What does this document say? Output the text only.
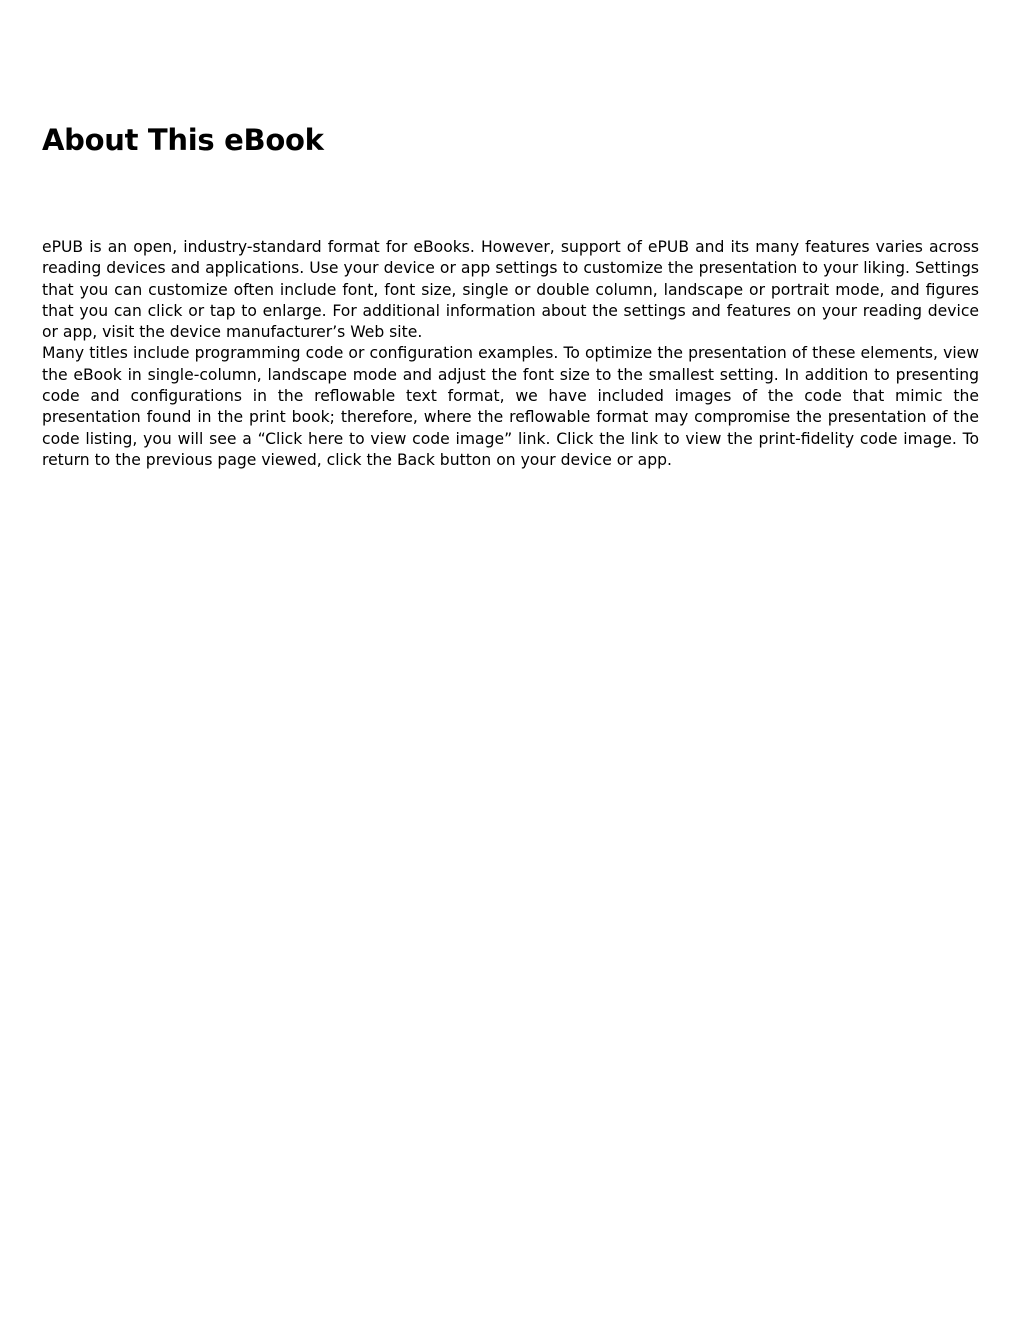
About This eBook

ePUB is an open, industry-standard format for eBooks. However, support of ePUB and its many features varies across reading devices and applications. Use your device or app settings to customize the presentation to your liking. Settings that you can customize often include font, font size, single or double column, landscape or portrait mode, and figures that you can click or tap to enlarge. For additional information about the settings and features on your reading device or app, visit the device manufacturer’s Web site.

Many titles include programming code or configuration examples. To optimize the presentation of these elements, view the eBook in single-column, landscape mode and adjust the font size to the smallest setting. In addition to presenting code and configurations in the reflowable text format, we have included images of the code that mimic the presentation found in the print book; therefore, where the reflowable format may compromise the presentation of the code listing, you will see a “Click here to view code image” link. Click the link to view the print-fidelity code image. To return to the previous page viewed, click the Back button on your device or app.
